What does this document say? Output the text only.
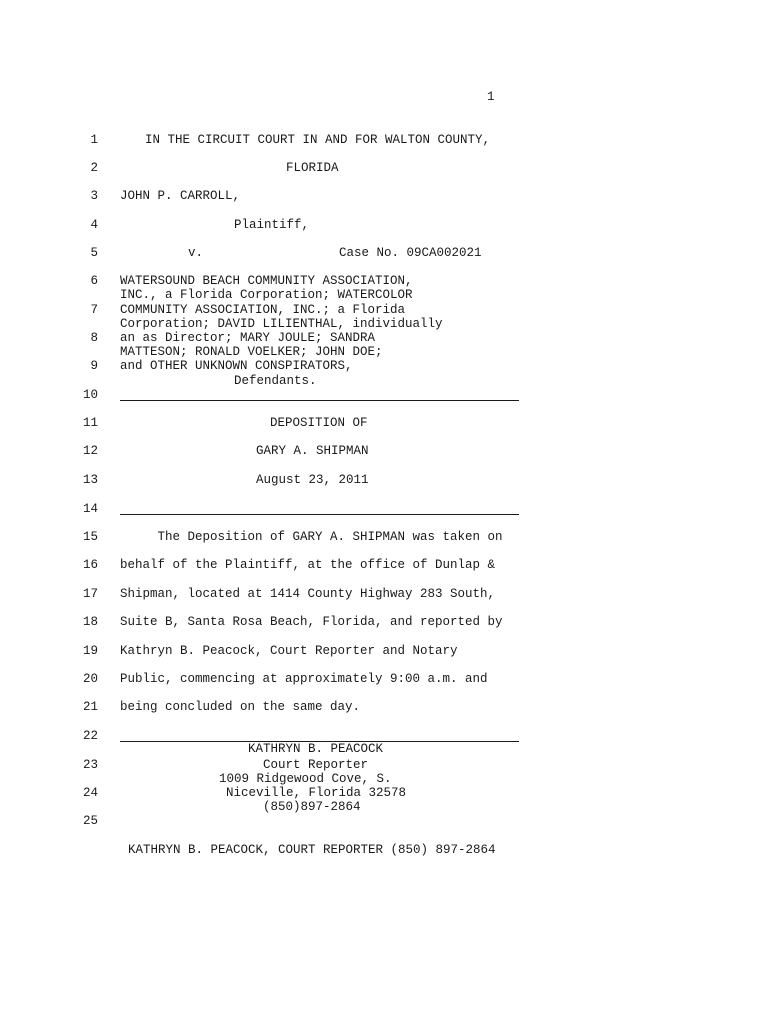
1
1
2
3
4
5
6
7
8
9
10
11
12
13
14
15
16
17
18
19
20
21
22
23
24
25
IN THE CIRCUIT COURT IN AND FOR WALTON COUNTY,
FLORIDA
JOHN P. CARROLL,
Plaintiff,
v.	Case No. 09CA002021
WATERSOUND BEACH COMMUNITY ASSOCIATION,
INC., a Florida Corporation; WATERCOLOR
COMMUNITY ASSOCIATION, INC.; a Florida
Corporation; DAVID LILIENTHAL, individually
an as Director; MARY JOULE; SANDRA
MATTESON; RONALD VOELKER; JOHN DOE;
and OTHER UNKNOWN CONSPIRATORS,
Defendants.
DEPOSITION OF
GARY A. SHIPMAN
August 23, 2011
The Deposition of GARY A. SHIPMAN was taken on
behalf of the Plaintiff, at the office of Dunlap &
Shipman, located at 1414 County Highway 283 South,
Suite B, Santa Rosa Beach, Florida, and reported by
Kathryn B. Peacock, Court Reporter and Notary
Public, commencing at approximately 9:00 a.m. and
being concluded on the same day.
KATHRYN B. PEACOCK
Court Reporter
1009 Ridgewood Cove, S.
Niceville, Florida 32578
(850)897-2864
KATHRYN B. PEACOCK, COURT REPORTER (850) 897-2864
